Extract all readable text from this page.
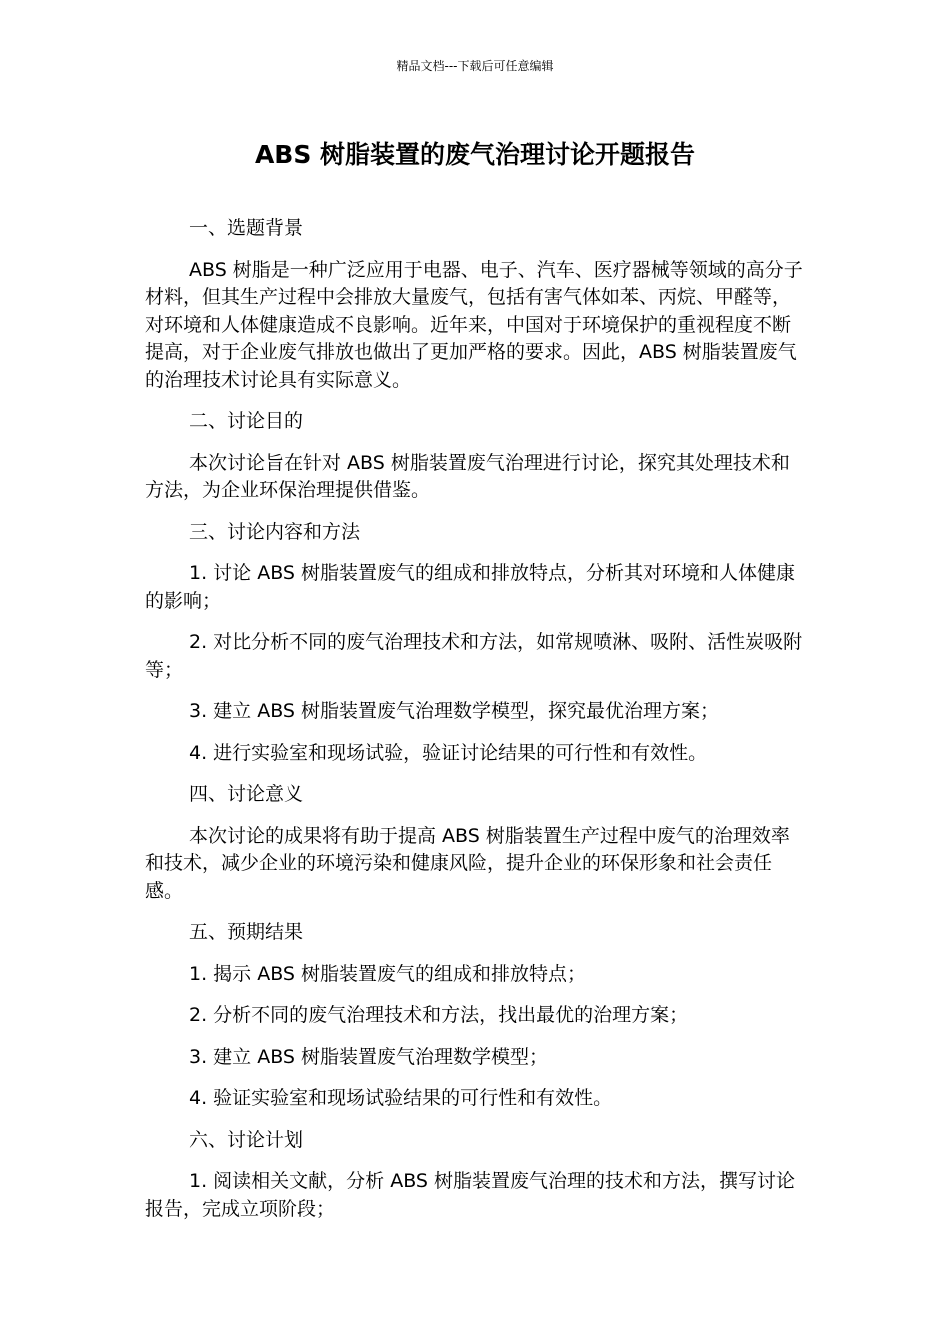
精品文档---下载后可任意编辑
ABS 树脂装置的废气治理讨论开题报告

一、选题背景

ABS 树脂是一种广泛应用于电器、电子、汽车、医疗器械等领域的高分子材料，但其生产过程中会排放大量废气，包括有害气体如苯、丙烷、甲醛等，对环境和人体健康造成不良影响。近年来，中国对于环境保护的重视程度不断提高，对于企业废气排放也做出了更加严格的要求。因此，ABS 树脂装置废气的治理技术讨论具有实际意义。

二、讨论目的

本次讨论旨在针对 ABS 树脂装置废气治理进行讨论，探究其处理技术和方法，为企业环保治理提供借鉴。

三、讨论内容和方法

1. 讨论 ABS 树脂装置废气的组成和排放特点，分析其对环境和人体健康的影响；

2. 对比分析不同的废气治理技术和方法，如常规喷淋、吸附、活性炭吸附等；

3. 建立 ABS 树脂装置废气治理数学模型，探究最优治理方案；

4. 进行实验室和现场试验，验证讨论结果的可行性和有效性。

四、讨论意义

本次讨论的成果将有助于提高 ABS 树脂装置生产过程中废气的治理效率和技术，减少企业的环境污染和健康风险，提升企业的环保形象和社会责任感。

五、预期结果

1. 揭示 ABS 树脂装置废气的组成和排放特点；

2. 分析不同的废气治理技术和方法，找出最优的治理方案；

3. 建立 ABS 树脂装置废气治理数学模型；

4. 验证实验室和现场试验结果的可行性和有效性。

六、讨论计划

1. 阅读相关文献，分析 ABS 树脂装置废气治理的技术和方法，撰写讨论报告，完成立项阶段；
